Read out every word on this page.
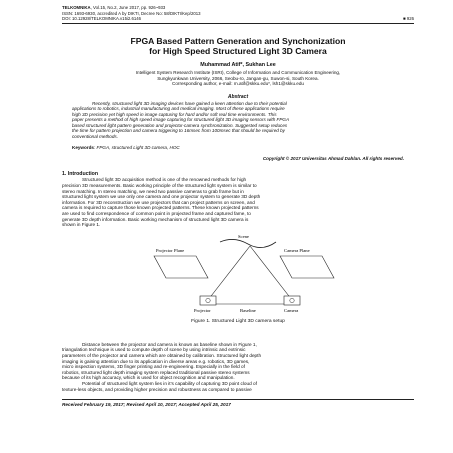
TELKOMNIKA, Vol.15, No.2, June 2017, pp. 926~933
ISSN: 1693-6930, accredited A by DIKTI, Decree No: 58/DIKTI/Kep/2013
DOI: 10.12928/TELKOMNIKA.v15i2.6146	■ 926
FPGA Based Pattern Generation and Synchonization
for High Speed Structured Light 3D Camera
Muhammad Atif*, Sukhan Lee
Intelligent System Research Institute (ISRI), College of Information and Communication Engineering,
Sungkyunkwan University, 2066, Seobu-ro, Jangan-gu, Suwon-si, South Korea.
Corresponding author, e-mail: m.atif@skku.edu*, lsh1@skku.edu
Abstract
Recently, structured light 3D imaging devices have gained a keen attention due to their potential
applications to robotics, industrial manufacturing and medical imaging. Most of these applications require
high 3D precision yet high speed in image capturing for hard and/or soft real time environments. This
paper presents a method of high speed image capturing for structured light 3D imaging sensors with FPGA
based structured light pattern generation and projector-camera synchronization. Suggested setup reduces
the time for pattern projection and camera triggering to 16msec from 100msec that should be required by
conventional methods.
Keywords: FPGA, structured Light 3D camera, HOC
Copyright © 2017 Universitas Ahmad Dahlan. All rights reserved.
1. Introduction
Structured light 3D acquisition method is one of the renowned methods for high
precision 3D measurements. Basic working principle of the structured light system is similar to
stereo matching. In stereo matching, we need two passive cameras to grab frame but in
structured light system we use only one camera and one projector system to generate 3D depth
information. For 3D reconstruction we use projectors that can project patterns on screen, and
camera is required to capture those known projected patterns. These known projected patterns
are used to find correspondence of common point in projected frame and captured fame, to
generate 3D depth information. Basic working mechanism of structured light 3D camera is
shown in Figure 1.
Scene
Projector Plane	Camera Plane
Projector	Camera
Baseline
Figure 1. Structured Light 3D camera setup
Distance between the projector and camera is known as baseline shown in Figure 1,
triangulation technique is used to compute depth of scene by using intrinsic and extrinsic
parameters of the projector and camera which are obtained by calibration. Structured light depth
imaging is gaining attention due to its application in diverse areas e.g. robotics, 3D games,
micro inspection systems, 3D finger printing and re-engineering. Especially in the field of
robotics, structured light depth imaging system replaced traditional passive stereo systems
because of its high accuracy, which is used for object recognition and manipulation.
Potential of structured light system lies in it's capability of capturing 3D point cloud of
texture-less objects, and providing higher precision and robustness as compared to passive
Received February 19, 2017; Revised April 10, 2017; Accepted April 25, 2017
